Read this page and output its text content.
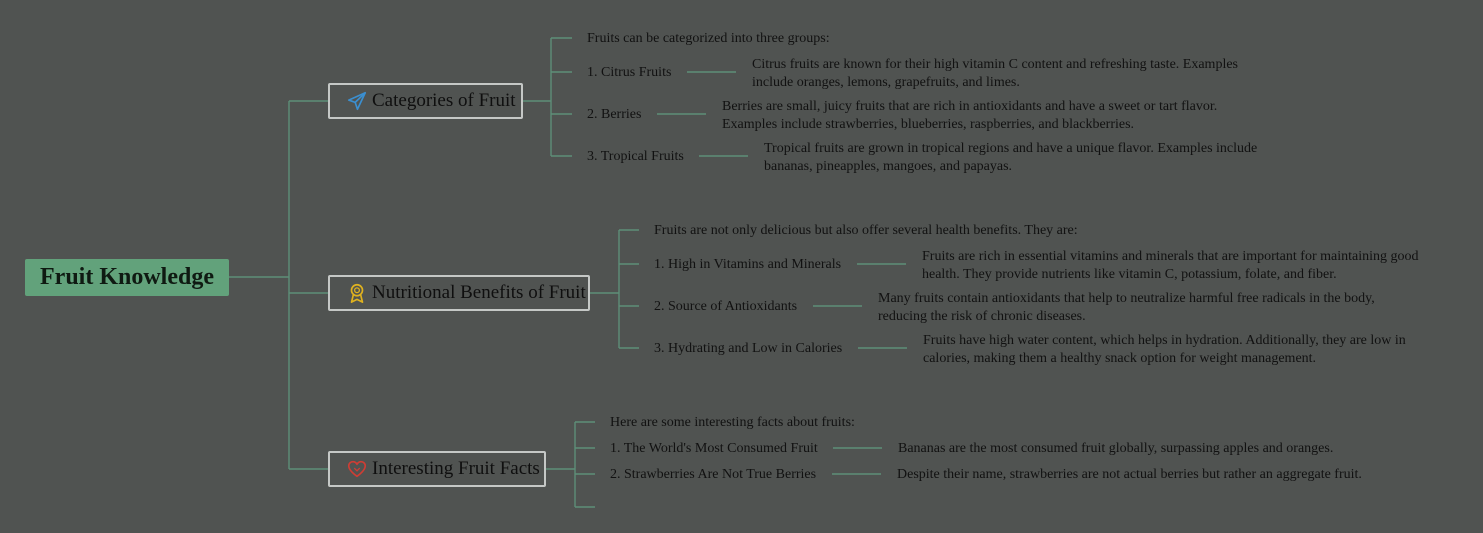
Fruit Knowledge
Categories of Fruit
Fruits can be categorized into three groups:
1. Citrus Fruits
Citrus fruits are known for their high vitamin C content and refreshing taste. Examples include oranges, lemons, grapefruits, and limes.
2. Berries
Berries are small, juicy fruits that are rich in antioxidants and have a sweet or tart flavor. Examples include strawberries, blueberries, raspberries, and blackberries.
3. Tropical Fruits
Tropical fruits are grown in tropical regions and have a unique flavor. Examples include bananas, pineapples, mangoes, and papayas.
Nutritional Benefits of Fruit
Fruits are not only delicious but also offer several health benefits. They are:
1. High in Vitamins and Minerals
Fruits are rich in essential vitamins and minerals that are important for maintaining good health. They provide nutrients like vitamin C, potassium, folate, and fiber.
2. Source of Antioxidants
Many fruits contain antioxidants that help to neutralize harmful free radicals in the body, reducing the risk of chronic diseases.
3. Hydrating and Low in Calories
Fruits have high water content, which helps in hydration. Additionally, they are low in calories, making them a healthy snack option for weight management.
Interesting Fruit Facts
Here are some interesting facts about fruits:
1. The World's Most Consumed Fruit	Bananas are the most consumed fruit globally, surpassing apples and oranges.
2. Strawberries Are Not True Berries	Despite their name, strawberries are not actual berries but rather an aggregate fruit.
